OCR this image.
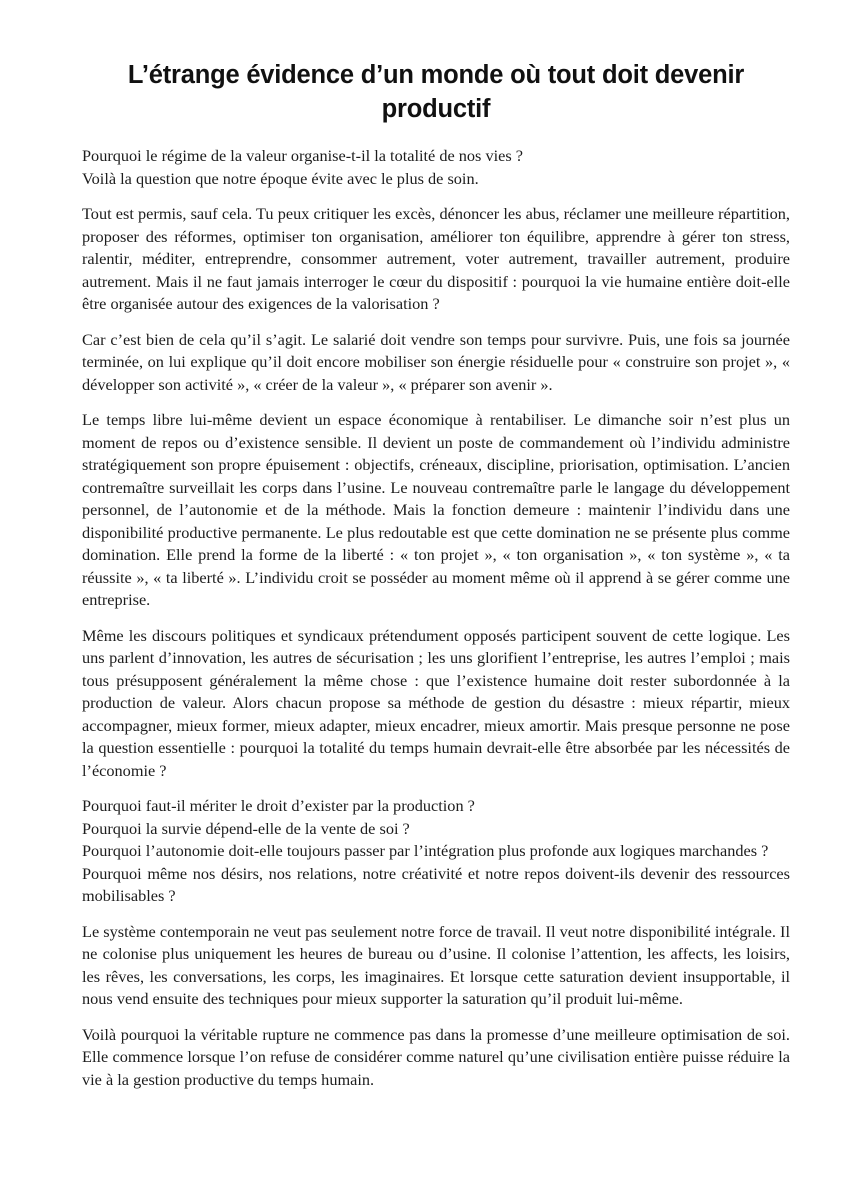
L’étrange évidence d’un monde où tout doit devenir productif

Pourquoi le régime de la valeur organise-t-il la totalité de nos vies ?
Voilà la question que notre époque évite avec le plus de soin.

Tout est permis, sauf cela. Tu peux critiquer les excès, dénoncer les abus, réclamer une meilleure répartition, proposer des réformes, optimiser ton organisation, améliorer ton équilibre, apprendre à gérer ton stress, ralentir, méditer, entreprendre, consommer autrement, voter autrement, travailler autrement, produire autrement. Mais il ne faut jamais interroger le cœur du dispositif : pourquoi la vie humaine entière doit-elle être organisée autour des exigences de la valorisation ?

Car c’est bien de cela qu’il s’agit. Le salarié doit vendre son temps pour survivre. Puis, une fois sa journée terminée, on lui explique qu’il doit encore mobiliser son énergie résiduelle pour « construire son projet », « développer son activité », « créer de la valeur », « préparer son avenir ».

Le temps libre lui-même devient un espace économique à rentabiliser. Le dimanche soir n’est plus un moment de repos ou d’existence sensible. Il devient un poste de commandement où l’individu administre stratégiquement son propre épuisement : objectifs, créneaux, discipline, priorisation, optimisation. L’ancien contremaître surveillait les corps dans l’usine. Le nouveau contremaître parle le langage du développement personnel, de l’autonomie et de la méthode. Mais la fonction demeure : maintenir l’individu dans une disponibilité productive permanente. Le plus redoutable est que cette domination ne se présente plus comme domination. Elle prend la forme de la liberté : « ton projet », « ton organisation », « ton système », « ta réussite », « ta liberté ». L’individu croit se posséder au moment même où il apprend à se gérer comme une entreprise.

Même les discours politiques et syndicaux prétendument opposés participent souvent de cette logique. Les uns parlent d’innovation, les autres de sécurisation ; les uns glorifient l’entreprise, les autres l’emploi ; mais tous présupposent généralement la même chose : que l’existence humaine doit rester subordonnée à la production de valeur. Alors chacun propose sa méthode de gestion du désastre : mieux répartir, mieux accompagner, mieux former, mieux adapter, mieux encadrer, mieux amortir. Mais presque personne ne pose la question essentielle : pourquoi la totalité du temps humain devrait-elle être absorbée par les nécessités de l’économie ?

Pourquoi faut-il mériter le droit d’exister par la production ?
Pourquoi la survie dépend-elle de la vente de soi ?
Pourquoi l’autonomie doit-elle toujours passer par l’intégration plus profonde aux logiques marchandes ?
Pourquoi même nos désirs, nos relations, notre créativité et notre repos doivent-ils devenir des ressources mobilisables ?

Le système contemporain ne veut pas seulement notre force de travail. Il veut notre disponibilité intégrale. Il ne colonise plus uniquement les heures de bureau ou d’usine. Il colonise l’attention, les affects, les loisirs, les rêves, les conversations, les corps, les imaginaires. Et lorsque cette saturation devient insupportable, il nous vend ensuite des techniques pour mieux supporter la saturation qu’il produit lui-même.

Voilà pourquoi la véritable rupture ne commence pas dans la promesse d’une meilleure optimisation de soi. Elle commence lorsque l’on refuse de considérer comme naturel qu’une civilisation entière puisse réduire la vie à la gestion productive du temps humain.
